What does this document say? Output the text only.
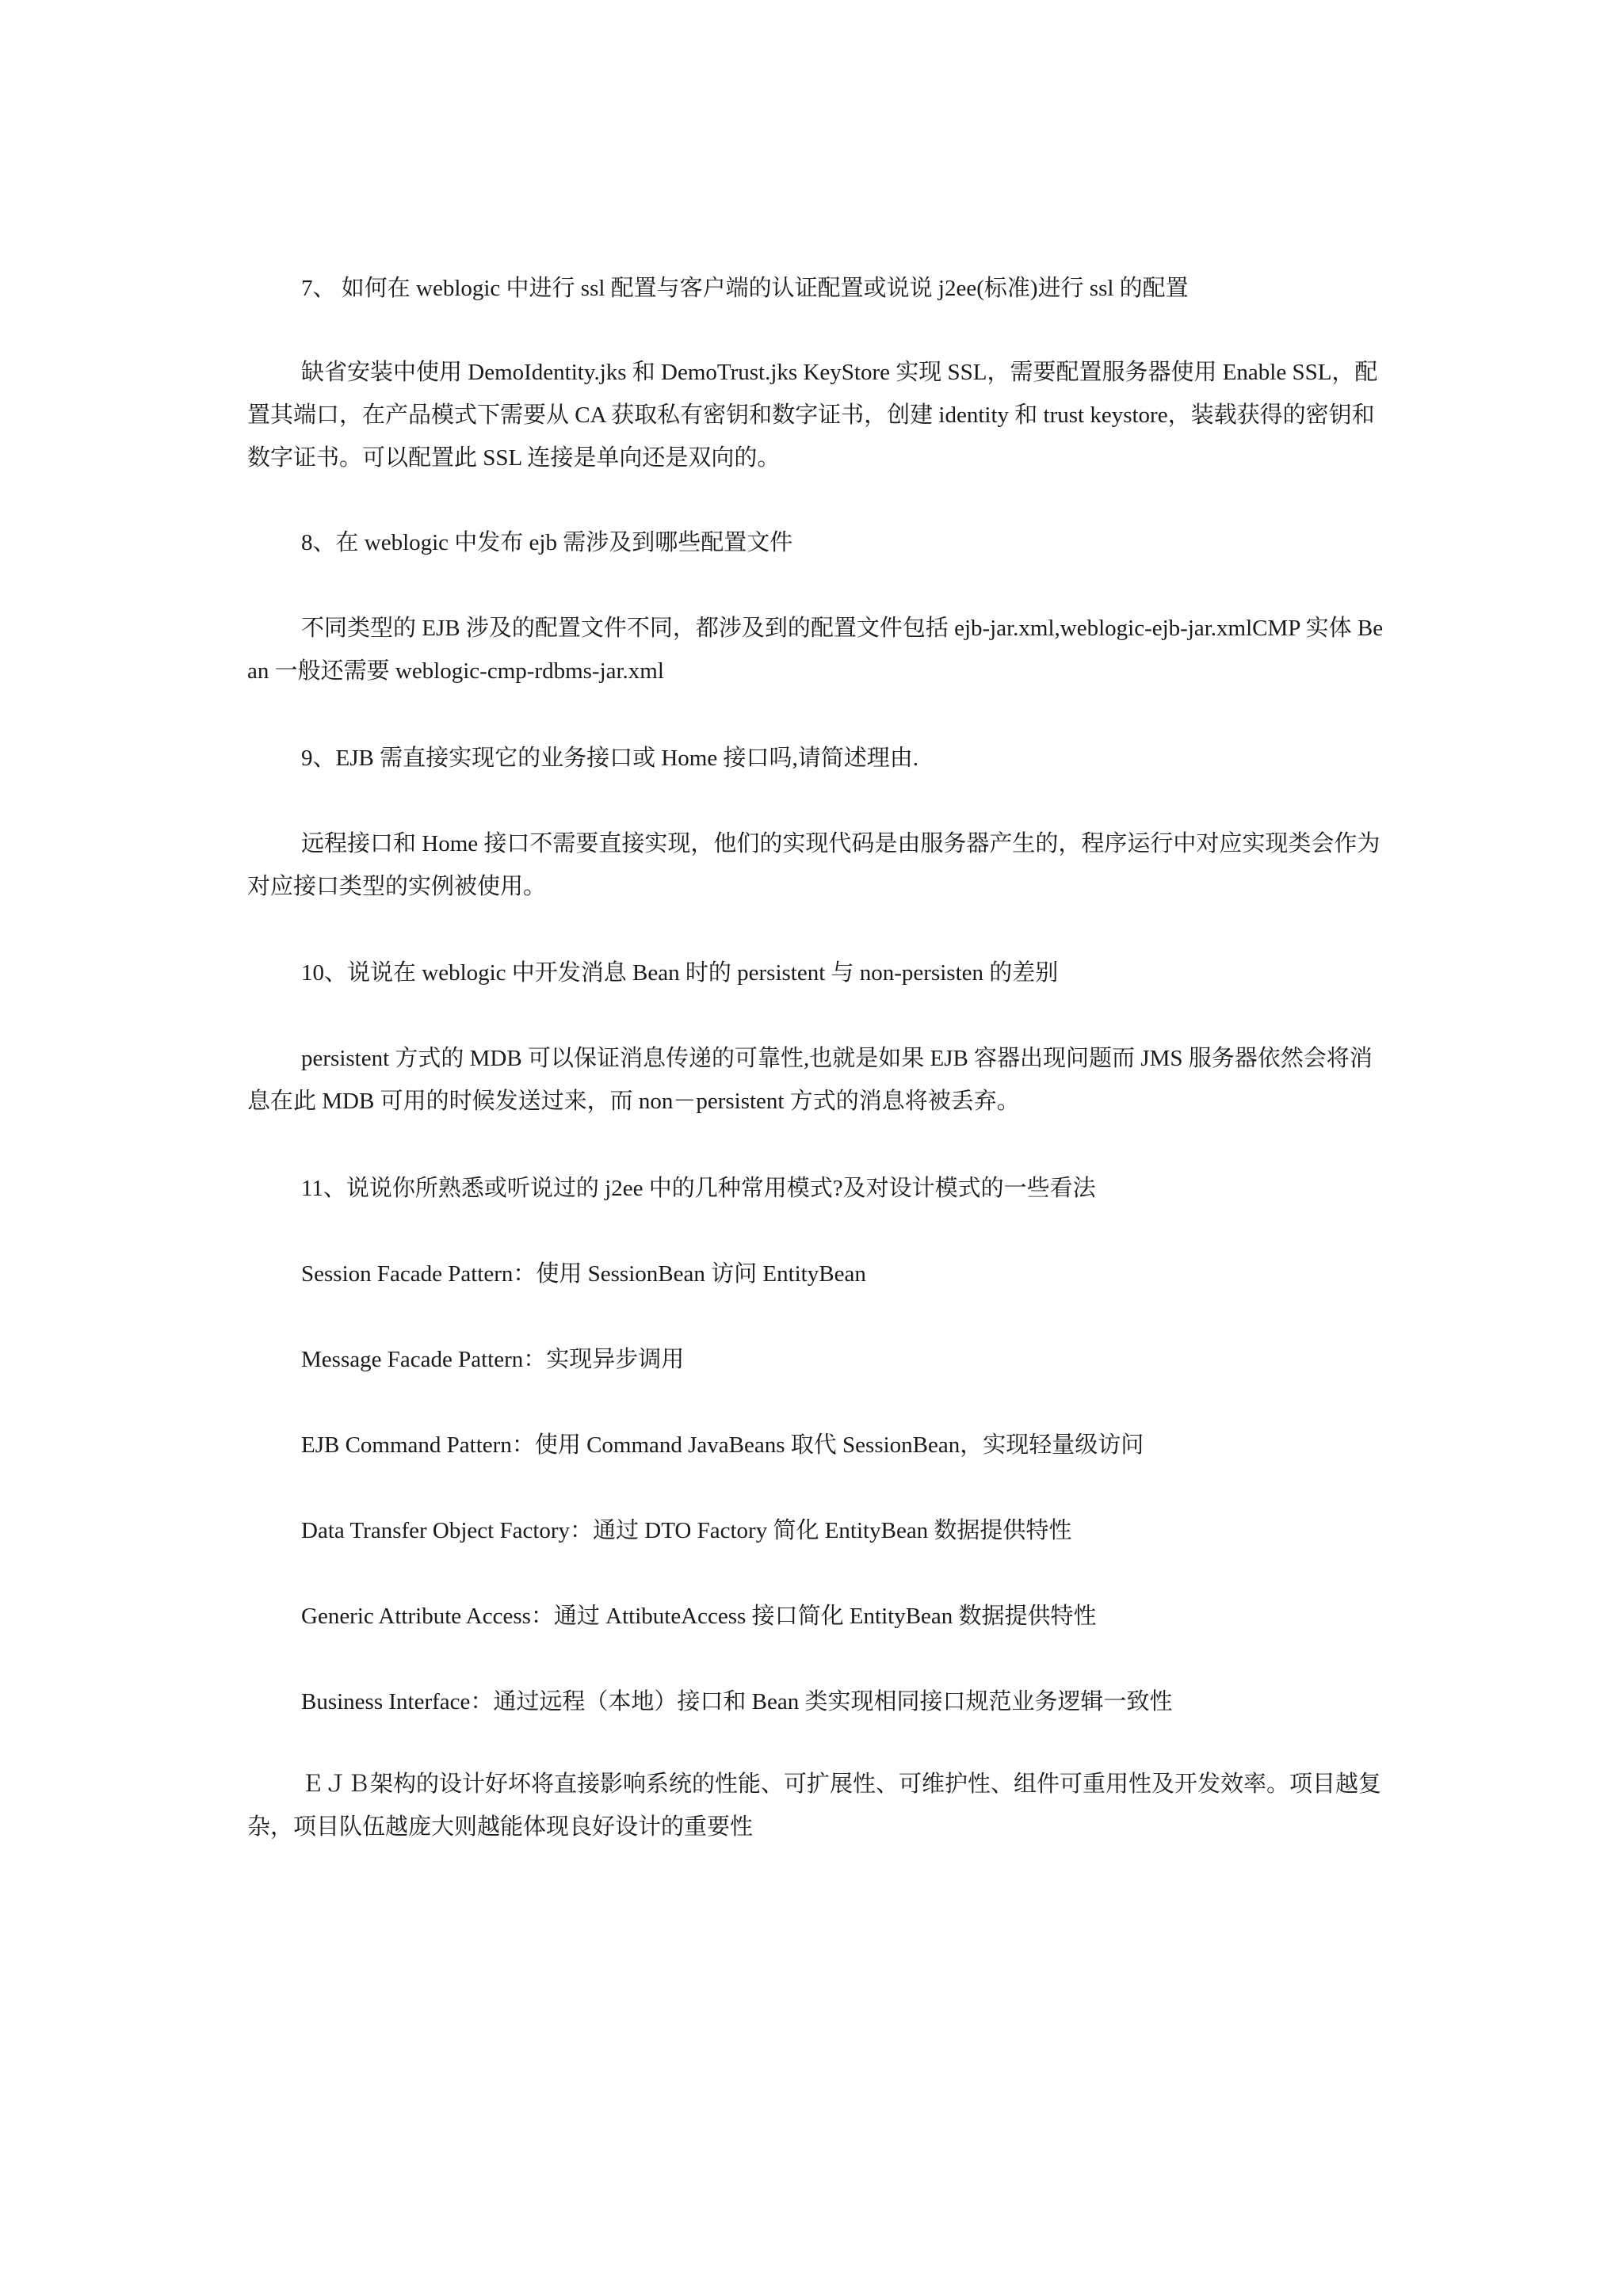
7、 如何在 weblogic 中进行 ssl 配置与客户端的认证配置或说说 j2ee(标准)进行 ssl 的配置

缺省安装中使用 DemoIdentity.jks 和 DemoTrust.jks KeyStore 实现 SSL，需要配置服务器使用 Enable SSL，配置其端口，在产品模式下需要从 CA 获取私有密钥和数字证书，创建 identity 和 trust keystore，装载获得的密钥和数字证书。可以配置此 SSL 连接是单向还是双向的。

8、在 weblogic 中发布 ejb 需涉及到哪些配置文件

不同类型的 EJB 涉及的配置文件不同，都涉及到的配置文件包括 ejb-jar.xml,weblogic-ejb-jar.xmlCMP 实体 Bean 一般还需要 weblogic-cmp-rdbms-jar.xml

9、EJB 需直接实现它的业务接口或 Home 接口吗,请简述理由.

远程接口和 Home 接口不需要直接实现，他们的实现代码是由服务器产生的，程序运行中对应实现类会作为对应接口类型的实例被使用。

10、说说在 weblogic 中开发消息 Bean 时的 persistent 与 non-persisten 的差别

persistent 方式的 MDB 可以保证消息传递的可靠性,也就是如果 EJB 容器出现问题而 JMS 服务器依然会将消息在此 MDB 可用的时候发送过来，而 non－persistent 方式的消息将被丢弃。

11、说说你所熟悉或听说过的 j2ee 中的几种常用模式?及对设计模式的一些看法

Session Facade Pattern：使用 SessionBean 访问 EntityBean

Message Facade Pattern：实现异步调用

EJB Command Pattern：使用 Command JavaBeans 取代 SessionBean，实现轻量级访问

Data Transfer Object Factory：通过 DTO Factory 简化 EntityBean 数据提供特性

Generic Attribute Access：通过 AttibuteAccess 接口简化 EntityBean 数据提供特性

Business Interface：通过远程（本地）接口和 Bean 类实现相同接口规范业务逻辑一致性

ＥＪＢ架构的设计好坏将直接影响系统的性能、可扩展性、可维护性、组件可重用性及开发效率。项目越复杂，项目队伍越庞大则越能体现良好设计的重要性
